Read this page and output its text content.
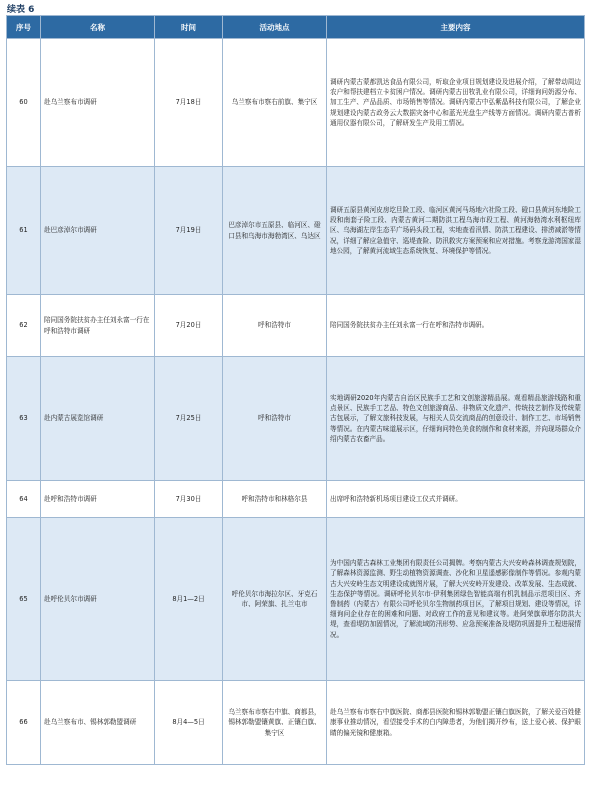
续表 6
序号	名称	时间	活动地点	主要内容
60	赴乌兰察布市调研	7月18日	乌兰察布市察右前旗、集宁区	调研内蒙古蒙都凯达食品有限公司，听取企业项目规划建设及进展介绍，了解带动周边农户和帮扶建档立卡贫困户情况。调研内蒙古田牧乳业有限公司，详细询问奶源分布、加工生产、产品品质、市场销售等情况。调研内蒙古中弘紫晶科技有限公司，了解企业规划建设内蒙古政务云大数据灾备中心和蓝光光盘生产线等方面情况。调研内蒙古普析通用仪器有限公司，了解研发生产及用工情况。
61	赴巴彦淖尔市调研	7月19日	巴彦淖尔市五原县、临河区、磴口县和乌海市海勃湾区、乌达区	调研五原县黄河皮房圪旦险工段、临河区黄河马场地六社险工段、磴口县黄河东地险工段和南套子险工段、内蒙古黄河二期防洪工程乌海市段工程、黄河海勃湾水利枢纽库区、乌海湖左岸生态平广场码头段工程，实地查看汛情、防洪工程建设、排涝减淤等情况，详细了解应急值守、巡堤查险、防汛救灾方案预案和应对措施。考察龙游湾国家湿地公园，了解黄河流域生态系统恢复、环境保护等情况。
62	陪同国务院扶贫办主任刘永富一行在呼和浩特市调研	7月20日	呼和浩特市	陪同国务院扶贫办主任刘永富一行在呼和浩特市调研。
63	赴内蒙古展览馆调研	7月25日	呼和浩特市	实地调研2020年内蒙古自治区民族手工艺和文创旅游精品展。观看精品旅游线路和重点景区、民族手工艺品、特色文创旅游商品、非物质文化遗产、传统技艺制作及传统蒙古包展示，了解文旅科技发展，与相关人员交流商品的创意设计、制作工艺、市场销售等情况。在内蒙古味道展示区，仔细询问特色美食的制作和食材来源，并向现场群众介绍内蒙古农畜产品。
64	赴呼和浩特市调研	7月30日	呼和浩特市和林格尔县	出席呼和浩特新机场项目建设工仪式并调研。
65	赴呼伦贝尔市调研	8月1—2日	呼伦贝尔市海拉尔区、牙克石市、阿荣旗、扎兰屯市	为中国内蒙古森林工业集团有限责任公司揭牌。考察内蒙古大兴安岭森林调查规划院，了解森林资源监测、野生动植物资源调查、沙化和卫星遥感影像制作等情况。参观内蒙古大兴安岭生态文明建设成就图片展，了解大兴安岭开发建设、改革发展、生态成就、生态保护等情况。调研呼伦贝尔市·伊利集团绿色智能高端有机乳制品示范项目区、齐鲁制药（内蒙古）有限公司呼伦贝尔生物制药项目区，了解项目规划、建设等情况，详细询问企业存在的困难和问题、对政府工作的意见和建议等。赴阿荣旗章塔尔防洪大堤，查看堤防加固情况，了解流域防汛形势、应急预案准备及堤防巩固提升工程进展情况。
66	赴乌兰察布市、锡林郭勒盟调研	8月4—5日	乌兰察布市察右中旗、商都县，锡林郭勒盟镶黄旗、正镶白旗、集宁区	赴乌兰察布市察右中旗医院、商都县医院和锡林郭勒盟正镶白旗医院，了解关爱百姓健康事业推动情况，看望接受手术的白内障患者，为他们揭开纱布，送上爱心被、保护眼睛的偏光镜和健康箱。
